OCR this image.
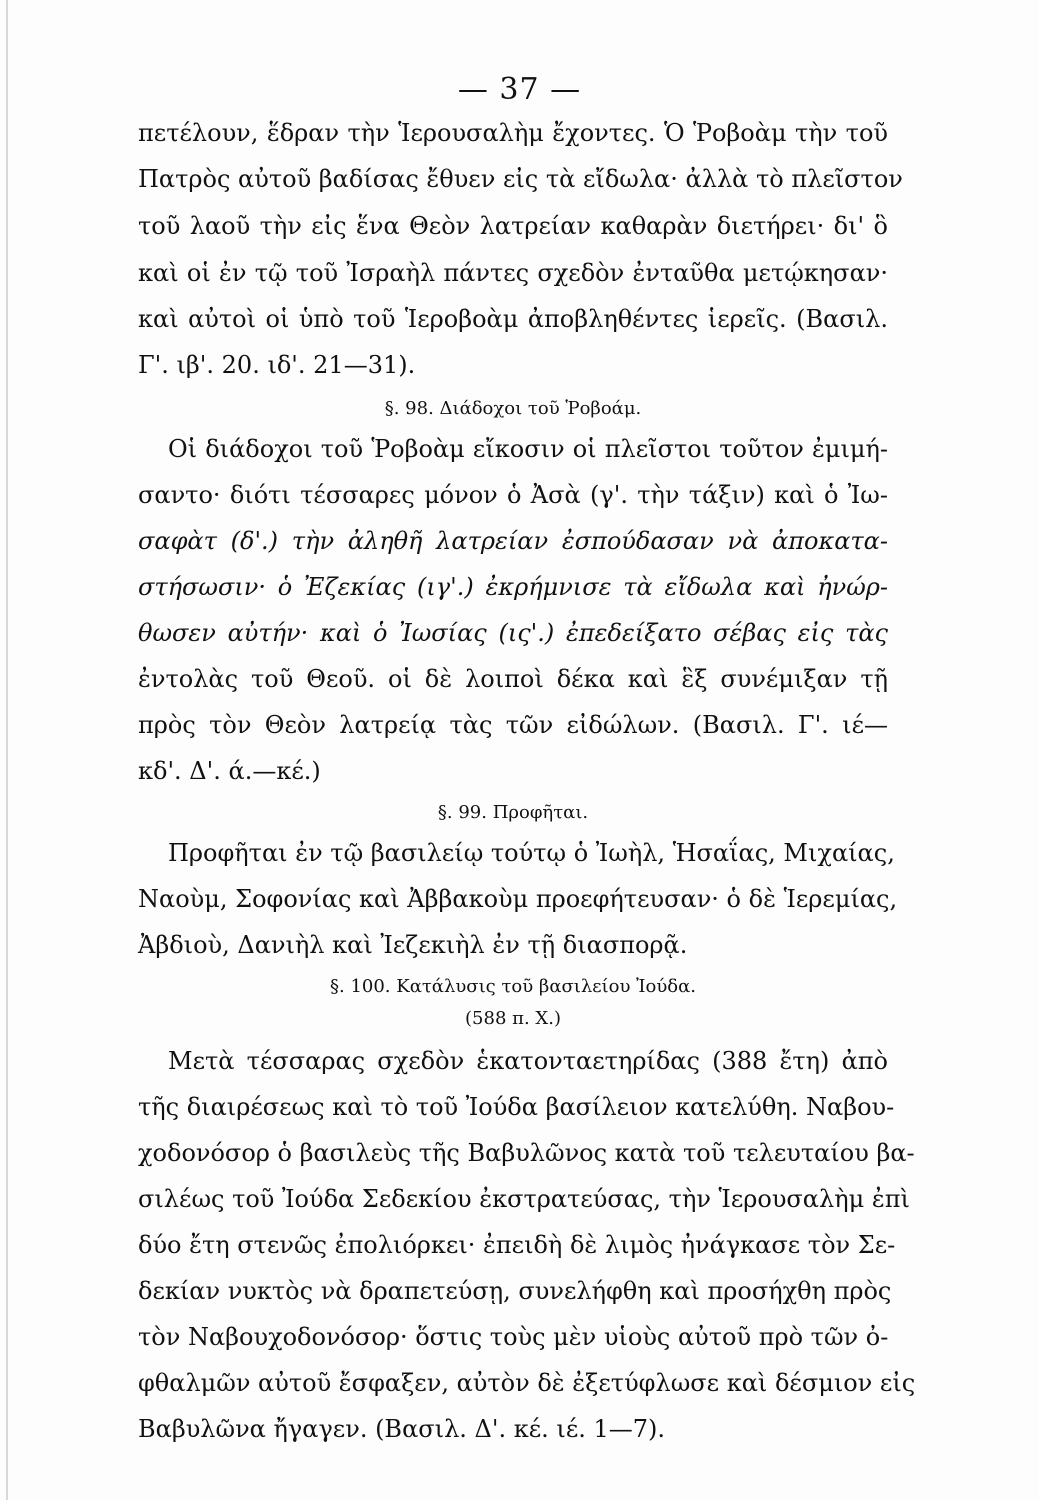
— 37 —
πετέλουν, ἕδραν τὴν Ἱερουσαλὴμ ἔχοντες. Ὁ Ῥοβοὰμ τὴν τοῦ
Πατρὸς αὐτοῦ βαδίσας ἔθυεν εἰς τὰ εἴδωλα· ἀλλὰ τὸ πλεῖστον
τοῦ λαοῦ τὴν εἰς ἕνα Θεὸν λατρείαν καθαρὰν διετήρει· δι' ὃ
καὶ οἱ ἐν τῷ τοῦ Ἰσραὴλ πάντες σχεδὸν ἐνταῦθα μετῴκησαν·
καὶ αὐτοὶ οἱ ὑπὸ τοῦ Ἱεροβοὰμ ἀποβληθέντες ἱερεῖς. (Βασιλ.
Γ'. ιβ'. 20. ιδ'. 21—31).
§. 98. Διάδοχοι τοῦ Ῥοβοάμ.
Οἱ διάδοχοι τοῦ Ῥοβοὰμ εἴκοσιν οἱ πλεῖστοι τοῦτον ἐμιμή-
σαντο· διότι τέσσαρες μόνον ὁ Ἀσὰ (γ'. τὴν τάξιν) καὶ ὁ Ἰω-
σαφὰτ (δ'.) τὴν ἀληθῆ λατρείαν ἐσπούδασαν νὰ ἀποκατα-
στήσωσιν· ὁ Ἐζεκίας (ιγ'.) ἐκρήμνισε τὰ εἴδωλα καὶ ἠνώρ-
θωσεν αὐτήν· καὶ ὁ Ἰωσίας (ις'.) ἐπεδείξατο σέβας εἰς τὰς
ἐντολὰς τοῦ Θεοῦ. οἱ δὲ λοιποὶ δέκα καὶ ἓξ συνέμιξαν τῇ
πρὸς τὸν Θεὸν λατρείᾳ τὰς τῶν εἰδώλων. (Βασιλ. Γ'. ιέ—
κδ'. Δ'. ά.—κέ.)
§. 99. Προφῆται.
Προφῆται ἐν τῷ βασιλείῳ τούτῳ ὁ Ἰωὴλ, Ἡσαΐας, Μιχαίας,
Ναοὺμ, Σοφονίας καὶ Ἀββακοὺμ προεφήτευσαν· ὁ δὲ Ἱερεμίας,
Ἀβδιοὺ, Δανιὴλ καὶ Ἰεζεκιὴλ ἐν τῇ διασπορᾷ.
§. 100. Κατάλυσις τοῦ βασιλείου Ἰούδα.
(588 π. Χ.)
Μετὰ τέσσαρας σχεδὸν ἑκατονταετηρίδας (388 ἔτη) ἀπὸ
τῆς διαιρέσεως καὶ τὸ τοῦ Ἰούδα βασίλειον κατελύθη. Ναβου-
χοδονόσορ ὁ βασιλεὺς τῆς Βαβυλῶνος κατὰ τοῦ τελευταίου βα-
σιλέως τοῦ Ἰούδα Σεδεκίου ἐκστρατεύσας, τὴν Ἱερουσαλὴμ ἐπὶ
δύο ἔτη στενῶς ἐπολιόρκει· ἐπειδὴ δὲ λιμὸς ἠνάγκασε τὸν Σε-
δεκίαν νυκτὸς νὰ δραπετεύσῃ, συνελήφθη καὶ προσήχθη πρὸς
τὸν Ναβουχοδονόσορ· ὅστις τοὺς μὲν υἱοὺς αὐτοῦ πρὸ τῶν ὀ-
φθαλμῶν αὐτοῦ ἔσφαξεν, αὐτὸν δὲ ἐξετύφλωσε καὶ δέσμιον εἰς
Βαβυλῶνα ἤγαγεν. (Βασιλ. Δ'. κέ. ιέ. 1—7).
